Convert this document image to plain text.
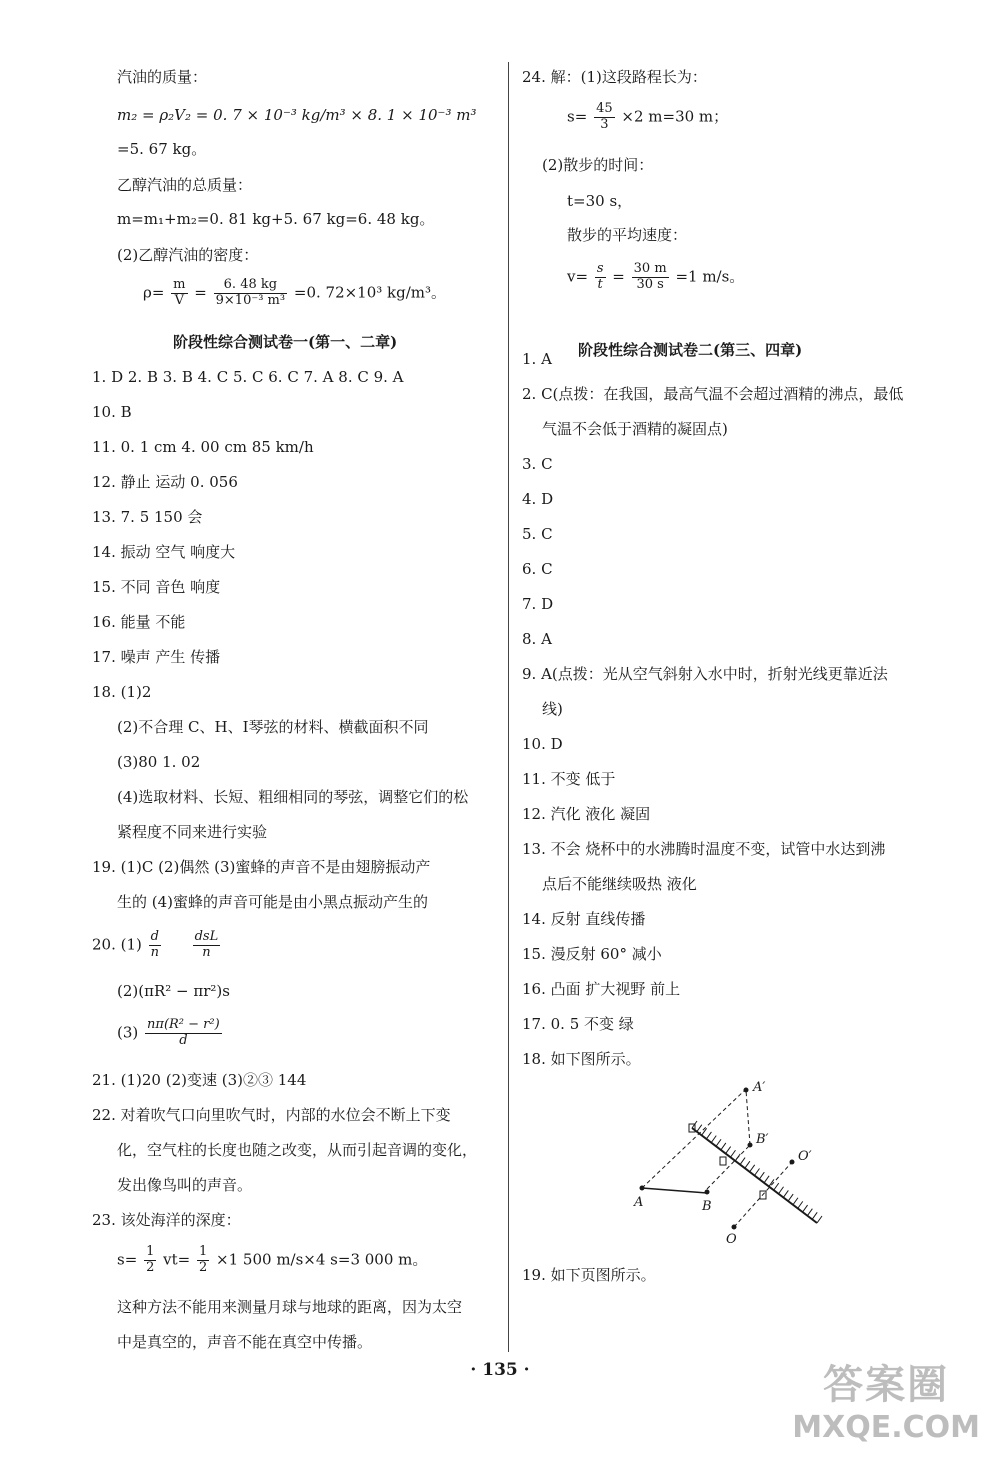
汽油的质量：
m₂ = ρ₂V₂ = 0. 7 × 10⁻³ kg/m³ × 8. 1 × 10⁻³ m³
=5. 67 kg。
乙醇汽油的总质量：
m=m₁+m₂=0. 81 kg+5. 67 kg=6. 48 kg。
(2)乙醇汽油的密度：
$\rho= \frac{m}{V} = \frac{6. 48 kg}{\text{9×10⁻³ m³}} =0$. 72×10³ kg/m³。
阶段性综合测试卷一(第一、二章)
1. D 2. B 3. B 4. C 5. C 6. C 7. A 8. C 9. A
10. B
11. 0. 1 cm 4. 00 cm 85 km/h
12. 静止 运动 0. 056
13. 7. 5 150 会
14. 振动 空气 响度大
15. 不同 音色 响度
16. 能量 不能
17. 噪声 产生 传播
18. (1)2
(2)不合理 C、H、I琴弦的材料、横截面积不同
(3)80 1. 02
(4)选取材料、长短、粗细相同的琴弦，调整它们的松
紧程度不同来进行实验
19. (1)C (2)偶然 (3)蜜蜂的声音不是由翅膀振动产
生的 (4)蜜蜂的声音可能是由小黑点振动产生的
20. $(1) \frac{d}{n}$
$\frac{\text{dsL}}{n}$
(2)(πR² − πr²)s
$(3) \frac{\text{nπ(R² − r²)}}{d}$
21. (1)20 (2)变速 (3)②③ 144
22. 对着吹气口向里吹气时，内部的水位会不断上下变
化，空气柱的长度也随之改变，从而引起音调的变化，
发出像鸟叫的声音。
23. 该处海洋的深度：
$s= \frac{1}{2} vt= \frac{1}{2} \times 1$ 500 m/s×4 s=3 000 m。
这种方法不能用来测量月球与地球的距离，因为太空
中是真空的，声音不能在真空中传播。
24. 解：(1)这段路程长为：
$s= \frac{45}{3} \times 2$ m=30 m；
(2)散步的时间：
t=30 s，
散步的平均速度：
$v= \frac{s}{t} = \frac{30 m}{30 s} =1$ m/s。
阶段性综合测试卷二(第三、四章)
1. A
2. C(点拨：在我国，最高气温不会超过酒精的沸点，最低
气温不会低于酒精的凝固点)
3. C
4. D
5. C
6. C
7. D
8. A
9. A(点拨：光从空气斜射入水中时，折射光线更靠近法
线)
10. D
11. 不变 低于
12. 汽化 液化 凝固
13. 不会 烧杯中的水沸腾时温度不变，试管中水达到沸
点后不能继续吸热 液化
14. 反射 直线传播
15. 漫反射 60° 减小
16. 凸面 扩大视野 前上
17. 0. 5 不变 绿
18. 如下图所示。
A′
B′
O′
A	B
O
19. 如下页图所示。
· 135 ·	答案圈
MXQE.COM
